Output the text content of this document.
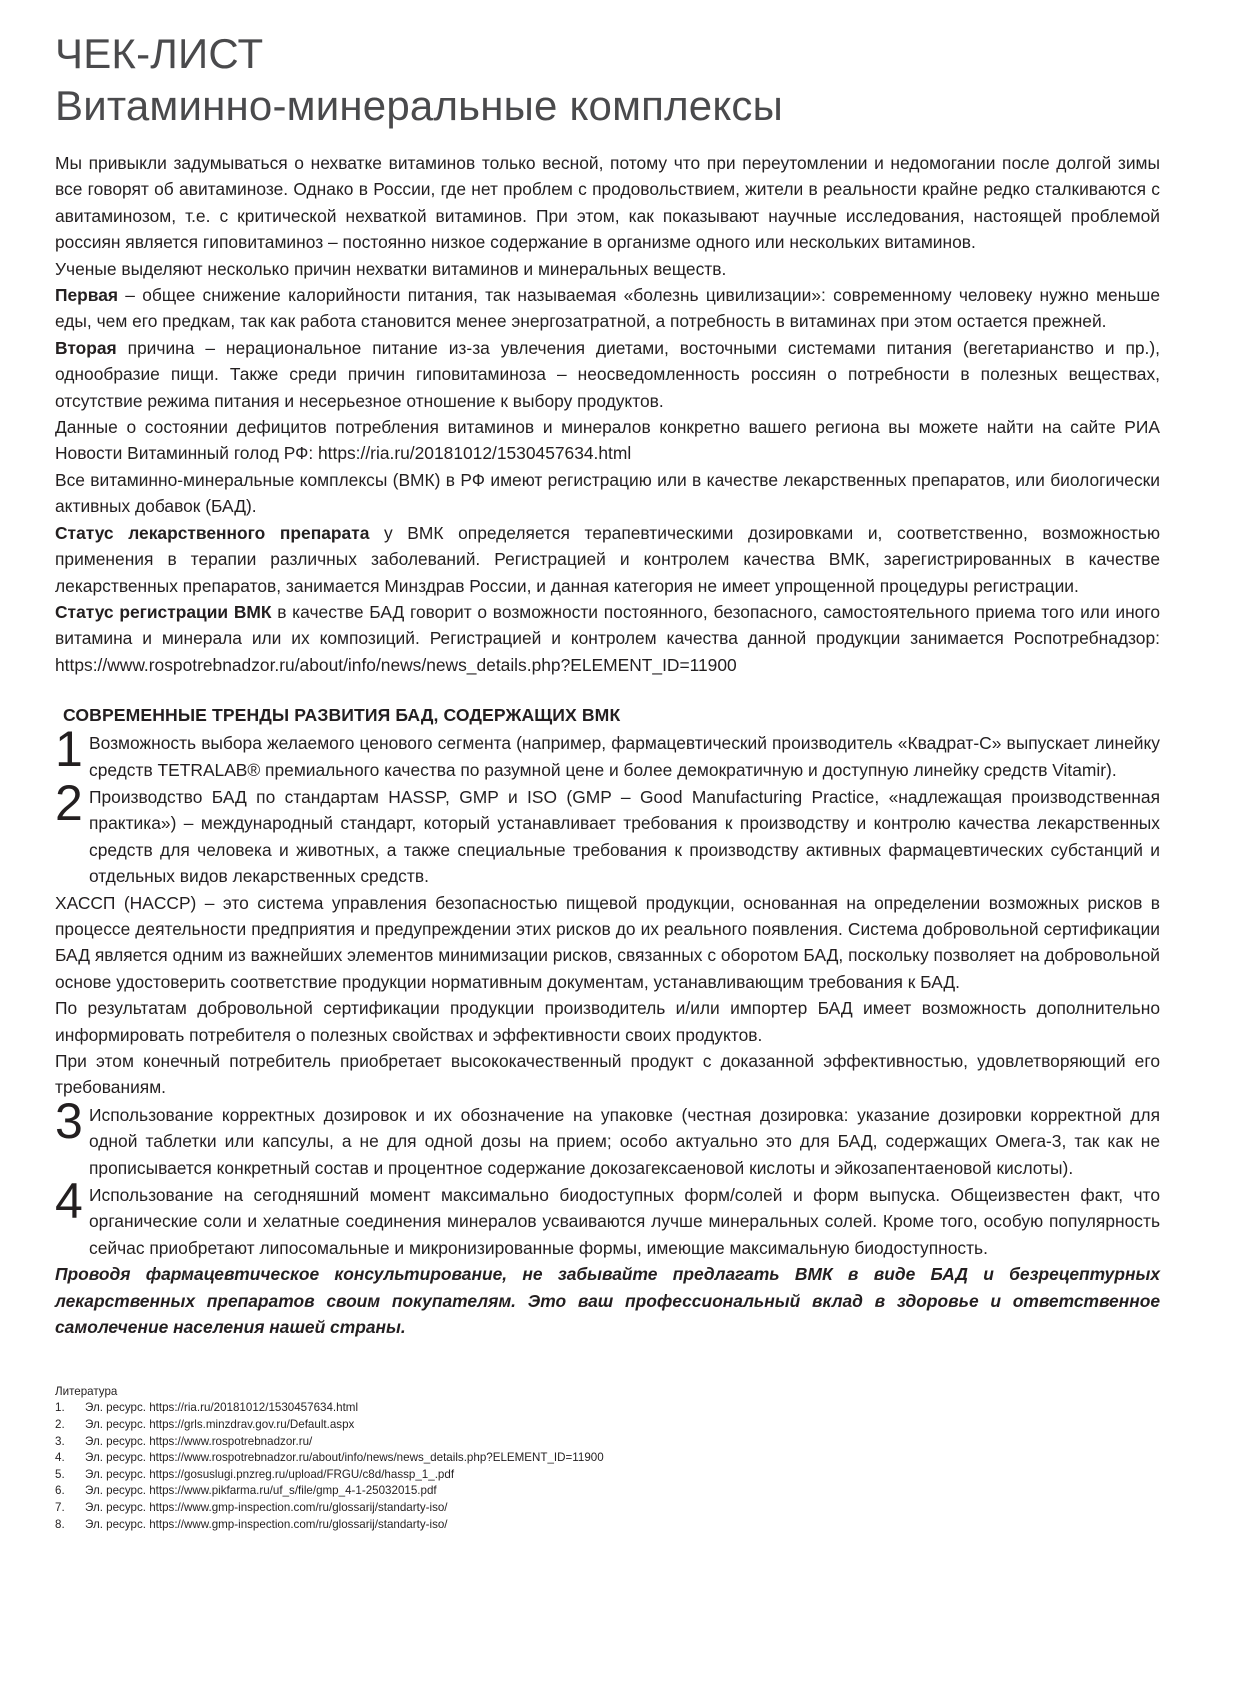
ЧЕК-ЛИСТ
Витаминно-минеральные комплексы

Мы привыкли задумываться о нехватке витаминов только весной, потому что при переутомлении и недомогании после долгой зимы все говорят об авитаминозе. Однако в России, где нет проблем с продовольствием, жители в реальности крайне редко сталкиваются с авитаминозом, т.е. с критической нехваткой витаминов. При этом, как показывают научные исследования, настоящей проблемой россиян является гиповитаминоз – постоянно низкое содержание в организме одного или нескольких витаминов.

Ученые выделяют несколько причин нехватки витаминов и минеральных веществ.

Первая – общее снижение калорийности питания, так называемая «болезнь цивилизации»: современному человеку нужно меньше еды, чем его предкам, так как работа становится менее энергозатратной, а потребность в витаминах при этом остается прежней.

Вторая причина – нерациональное питание из-за увлечения диетами, восточными системами питания (вегетарианство и пр.), однообразие пищи. Также среди причин гиповитаминоза – неосведомленность россиян о потребности в полезных веществах, отсутствие режима питания и несерьезное отношение к выбору продуктов.

Данные о состоянии дефицитов потребления витаминов и минералов конкретно вашего региона вы можете найти на сайте РИА Новости Витаминный голод РФ: https://ria.ru/20181012/1530457634.html

Все витаминно-минеральные комплексы (ВМК) в РФ имеют регистрацию или в качестве лекарственных препаратов, или биологически активных добавок (БАД).

Статус лекарственного препарата у ВМК определяется терапевтическими дозировками и, соответственно, возможностью применения в терапии различных заболеваний. Регистрацией и контролем качества ВМК, зарегистрированных в качестве лекарственных препаратов, занимается Минздрав России, и данная категория не имеет упрощенной процедуры регистрации.

Статус регистрации ВМК в качестве БАД говорит о возможности постоянного, безопасного, самостоятельного приема того или иного витамина и минерала или их композиций. Регистрацией и контролем качества данной продукции занимается Роспотребнадзор: https://www.rospotrebnadzor.ru/about/info/news/news_details.php?ELEMENT_ID=11900

СОВРЕМЕННЫЕ ТРЕНДЫ РАЗВИТИЯ БАД, СОДЕРЖАЩИХ ВМК
1 Возможность выбора желаемого ценового сегмента (например, фармацевтический производитель «Квадрат-С» выпускает линейку средств TETRALAB® премиального качества по разумной цене и более демократичную и доступную линейку средств Vitamir).

2 Производство БАД по стандартам HASSP, GMP и ISO (GMP – Good Manufacturing Practice, «надлежащая производственная практика») – международный стандарт, который устанавливает требования к производству и контролю качества лекарственных средств для человека и животных, а также специальные требования к производству активных фармацевтических субстанций и отдельных видов лекарственных средств.

ХАССП (HACCP) – это система управления безопасностью пищевой продукции, основанная на определении возможных рисков в процессе деятельности предприятия и предупреждении этих рисков до их реального появления. Система добровольной сертификации БАД является одним из важнейших элементов минимизации рисков, связанных с оборотом БАД, поскольку позволяет на добровольной основе удостоверить соответствие продукции нормативным документам, устанавливающим требования к БАД.

По результатам добровольной сертификации продукции производитель и/или импортер БАД имеет возможность дополнительно информировать потребителя о полезных свойствах и эффективности своих продуктов.

При этом конечный потребитель приобретает высококачественный продукт с доказанной эффективностью, удовлетворяющий его требованиям.

3 Использование корректных дозировок и их обозначение на упаковке (честная дозировка: указание дозировки корректной для одной таблетки или капсулы, а не для одной дозы на прием; особо актуально это для БАД, содержащих Омега-3, так как не прописывается конкретный состав и процентное содержание докозагексаеновой кислоты и эйкозапентаеновой кислоты).

4 Использование на сегодняшний момент максимально биодоступных форм/солей и форм выпуска. Общеизвестен факт, что органические соли и хелатные соединения минералов усваиваются лучше минеральных солей. Кроме того, особую популярность сейчас приобретают липосомальные и микронизированные формы, имеющие максимальную биодоступность.

Проводя фармацевтическое консультирование, не забывайте предлагать ВМК в виде БАД и безрецептурных лекарственных препаратов своим покупателям. Это ваш профессиональный вклад в здоровье и ответственное самолечение населения нашей страны.

Литература
1.	Эл. ресурс. https://ria.ru/20181012/1530457634.html
2.	Эл. ресурс. https://grls.minzdrav.gov.ru/Default.aspx
3.	Эл. ресурс. https://www.rospotrebnadzor.ru/
4.	Эл. ресурс. https://www.rospotrebnadzor.ru/about/info/news/news_details.php?ELEMENT_ID=11900
5.	Эл. ресурс. https://gosuslugi.pnzreg.ru/upload/FRGU/c8d/hassp_1_.pdf
6.	Эл. ресурс. https://www.pikfarma.ru/uf_s/file/gmp_4-1-25032015.pdf
7.	Эл. ресурс. https://www.gmp-inspection.com/ru/glossarij/standarty-iso/
8.	Эл. ресурс. https://www.gmp-inspection.com/ru/glossarij/standarty-iso/
